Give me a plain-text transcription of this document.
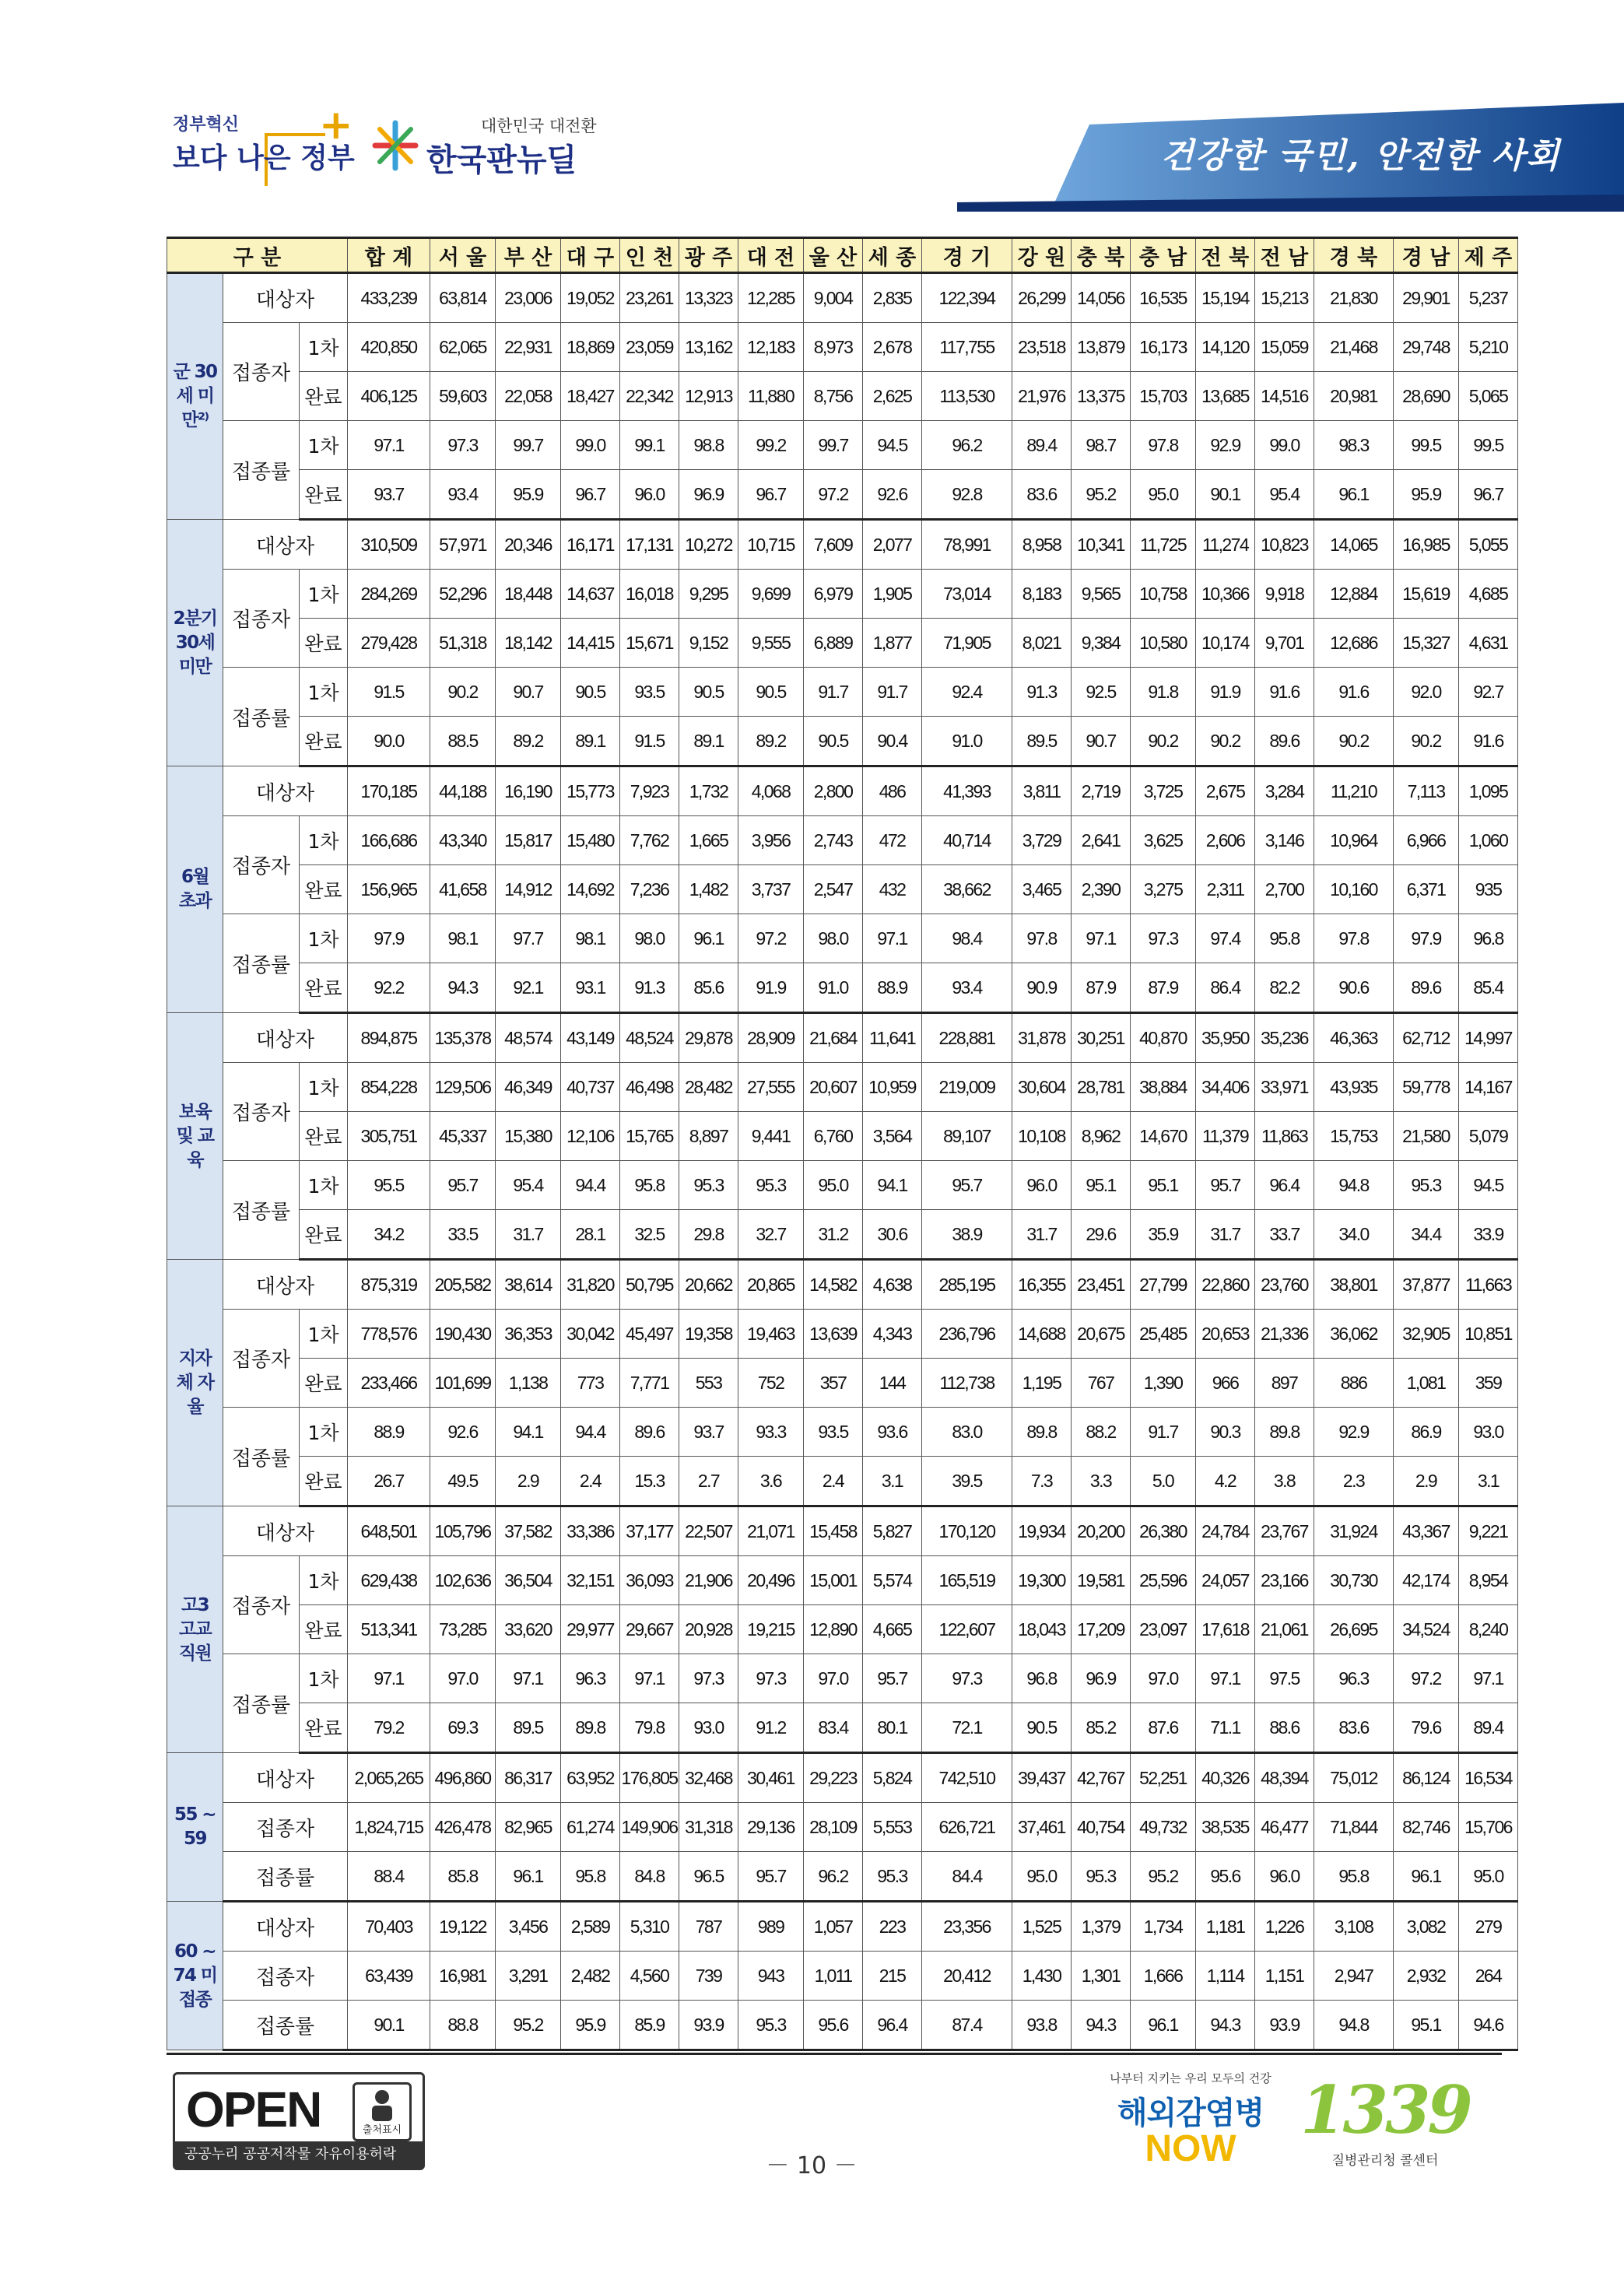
정부혁신
보다 나은 정부
+	대한민국 대전환
한국판뉴딜	건강한 국민, 안전한 사회
구 분			합 계	서 울	부 산	대 구	인 천	광 주	대 전	울 산	세 종	경 기	강 원	충 북	충 남	전 북	전 남	경 북	경 남	제 주
군 30세 미만²⁾	대상자		433,239	63,814	23,006	19,052	23,261	13,323	12,285	9,004	2,835	122,394	26,299	14,056	16,535	15,194	15,213	21,830	29,901	5,237
	접종자	1차	420,850	62,065	22,931	18,869	23,059	13,162	12,183	8,973	2,678	117,755	23,518	13,879	16,173	14,120	15,059	21,468	29,748	5,210
		완료	406,125	59,603	22,058	18,427	22,342	12,913	11,880	8,756	2,625	113,530	21,976	13,375	15,703	13,685	14,516	20,981	28,690	5,065
	접종률	1차	97.1	97.3	99.7	99.0	99.1	98.8	99.2	99.7	94.5	96.2	89.4	98.7	97.8	92.9	99.0	98.3	99.5	99.5
		완료	93.7	93.4	95.9	96.7	96.0	96.9	96.7	97.2	92.6	92.8	83.6	95.2	95.0	90.1	95.4	96.1	95.9	96.7
2분기 30세 미만	대상자		310,509	57,971	20,346	16,171	17,131	10,272	10,715	7,609	2,077	78,991	8,958	10,341	11,725	11,274	10,823	14,065	16,985	5,055
	접종자	1차	284,269	52,296	18,448	14,637	16,018	9,295	9,699	6,979	1,905	73,014	8,183	9,565	10,758	10,366	9,918	12,884	15,619	4,685
		완료	279,428	51,318	18,142	14,415	15,671	9,152	9,555	6,889	1,877	71,905	8,021	9,384	10,580	10,174	9,701	12,686	15,327	4,631
	접종률	1차	91.5	90.2	90.7	90.5	93.5	90.5	90.5	91.7	91.7	92.4	91.3	92.5	91.8	91.9	91.6	91.6	92.0	92.7
		완료	90.0	88.5	89.2	89.1	91.5	89.1	89.2	90.5	90.4	91.0	89.5	90.7	90.2	90.2	89.6	90.2	90.2	91.6
6월 초과	대상자		170,185	44,188	16,190	15,773	7,923	1,732	4,068	2,800	486	41,393	3,811	2,719	3,725	2,675	3,284	11,210	7,113	1,095
	접종자	1차	166,686	43,340	15,817	15,480	7,762	1,665	3,956	2,743	472	40,714	3,729	2,641	3,625	2,606	3,146	10,964	6,966	1,060
		완료	156,965	41,658	14,912	14,692	7,236	1,482	3,737	2,547	432	38,662	3,465	2,390	3,275	2,311	2,700	10,160	6,371	935
	접종률	1차	97.9	98.1	97.7	98.1	98.0	96.1	97.2	98.0	97.1	98.4	97.8	97.1	97.3	97.4	95.8	97.8	97.9	96.8
		완료	92.2	94.3	92.1	93.1	91.3	85.6	91.9	91.0	88.9	93.4	90.9	87.9	87.9	86.4	82.2	90.6	89.6	85.4
보육 및 교육	대상자		894,875	135,378	48,574	43,149	48,524	29,878	28,909	21,684	11,641	228,881	31,878	30,251	40,870	35,950	35,236	46,363	62,712	14,997
	접종자	1차	854,228	129,506	46,349	40,737	46,498	28,482	27,555	20,607	10,959	219,009	30,604	28,781	38,884	34,406	33,971	43,935	59,778	14,167
		완료	305,751	45,337	15,380	12,106	15,765	8,897	9,441	6,760	3,564	89,107	10,108	8,962	14,670	11,379	11,863	15,753	21,580	5,079
	접종률	1차	95.5	95.7	95.4	94.4	95.8	95.3	95.3	95.0	94.1	95.7	96.0	95.1	95.1	95.7	96.4	94.8	95.3	94.5
		완료	34.2	33.5	31.7	28.1	32.5	29.8	32.7	31.2	30.6	38.9	31.7	29.6	35.9	31.7	33.7	34.0	34.4	33.9
지자체 자율	대상자		875,319	205,582	38,614	31,820	50,795	20,662	20,865	14,582	4,638	285,195	16,355	23,451	27,799	22,860	23,760	38,801	37,877	11,663
	접종자	1차	778,576	190,430	36,353	30,042	45,497	19,358	19,463	13,639	4,343	236,796	14,688	20,675	25,485	20,653	21,336	36,062	32,905	10,851
		완료	233,466	101,699	1,138	773	7,771	553	752	357	144	112,738	1,195	767	1,390	966	897	886	1,081	359
	접종률	1차	88.9	92.6	94.1	94.4	89.6	93.7	93.3	93.5	93.6	83.0	89.8	88.2	91.7	90.3	89.8	92.9	86.9	93.0
		완료	26.7	49.5	2.9	2.4	15.3	2.7	3.6	2.4	3.1	39.5	7.3	3.3	5.0	4.2	3.8	2.3	2.9	3.1
고3 고교 직원	대상자		648,501	105,796	37,582	33,386	37,177	22,507	21,071	15,458	5,827	170,120	19,934	20,200	26,380	24,784	23,767	31,924	43,367	9,221
	접종자	1차	629,438	102,636	36,504	32,151	36,093	21,906	20,496	15,001	5,574	165,519	19,300	19,581	25,596	24,057	23,166	30,730	42,174	8,954
		완료	513,341	73,285	33,620	29,977	29,667	20,928	19,215	12,890	4,665	122,607	18,043	17,209	23,097	17,618	21,061	26,695	34,524	8,240
	접종률	1차	97.1	97.0	97.1	96.3	97.1	97.3	97.3	97.0	95.7	97.3	96.8	96.9	97.0	97.1	97.5	96.3	97.2	97.1
		완료	79.2	69.3	89.5	89.8	79.8	93.0	91.2	83.4	80.1	72.1	90.5	85.2	87.6	71.1	88.6	83.6	79.6	89.4
55 ~ 59	대상자		2,065,265	496,860	86,317	63,952	176,805	32,468	30,461	29,223	5,824	742,510	39,437	42,767	52,251	40,326	48,394	75,012	86,124	16,534
	접종자		1,824,715	426,478	82,965	61,274	149,906	31,318	29,136	28,109	5,553	626,721	37,461	40,754	49,732	38,535	46,477	71,844	82,746	15,706
	접종률		88.4	85.8	96.1	95.8	84.8	96.5	95.7	96.2	95.3	84.4	95.0	95.3	95.2	95.6	96.0	95.8	96.1	95.0
60 ~ 74 미접종	대상자		70,403	19,122	3,456	2,589	5,310	787	989	1,057	223	23,356	1,525	1,379	1,734	1,181	1,226	3,108	3,082	279
	접종자		63,439	16,981	3,291	2,482	4,560	739	943	1,011	215	20,412	1,430	1,301	1,666	1,114	1,151	2,947	2,932	264
	접종률		90.1	88.8	95.2	95.9	85.9	93.9	95.3	95.6	96.4	87.4	93.8	94.3	96.1	94.3	93.9	94.8	95.1	94.6
OPEN	출처표시
공공누리 공공저작물 자유이용허락	－ 10 －
나부터 지키는 우리 모두의 건강
해외감염병
NOW
1339
질병관리청 콜센터
